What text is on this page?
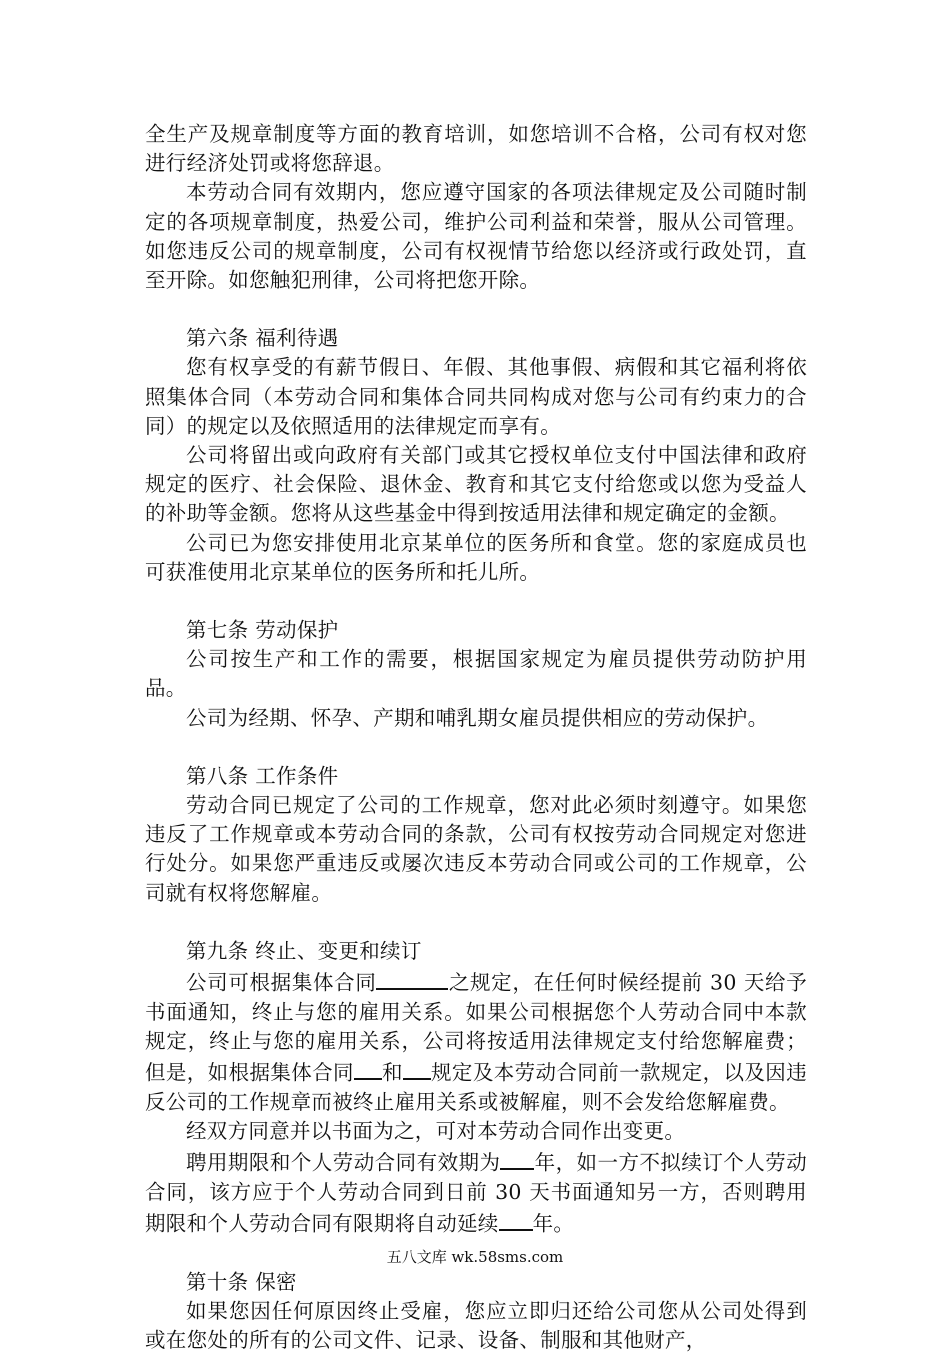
全生产及规章制度等方面的教育培训，如您培训不合格，公司有权对您进行经济处罚或将您辞退。

本劳动合同有效期内，您应遵守国家的各项法律规定及公司随时制定的各项规章制度，热爱公司，维护公司利益和荣誉，服从公司管理。如您违反公司的规章制度，公司有权视情节给您以经济或行政处罚，直至开除。如您触犯刑律，公司将把您开除。

第六条 福利待遇

您有权享受的有薪节假日、年假、其他事假、病假和其它福利将依照集体合同（本劳动合同和集体合同共同构成对您与公司有约束力的合同）的规定以及依照适用的法律规定而享有。

公司将留出或向政府有关部门或其它授权单位支付中国法律和政府规定的医疗、社会保险、退休金、教育和其它支付给您或以您为受益人的补助等金额。您将从这些基金中得到按适用法律和规定确定的金额。

公司已为您安排使用北京某单位的医务所和食堂。您的家庭成员也可获准使用北京某单位的医务所和托儿所。

第七条 劳动保护

公司按生产和工作的需要，根据国家规定为雇员提供劳动防护用品。

公司为经期、怀孕、产期和哺乳期女雇员提供相应的劳动保护。

第八条 工作条件

劳动合同已规定了公司的工作规章，您对此必须时刻遵守。如果您违反了工作规章或本劳动合同的条款，公司有权按劳动合同规定对您进行处分。如果您严重违反或屡次违反本劳动合同或公司的工作规章，公司就有权将您解雇。

第九条 终止、变更和续订

公司可根据集体合同	之规定，在任何时候经提前 30 天给予书面通知，终止与您的雇用关系。如果公司根据您个人劳动合同中本款规定，终止与您的雇用关系，公司将按适用法律规定支付给您解雇费；但是，如根据集体合同 和 规定及本劳动合同前一款规定，以及因违反公司的工作规章而被终止雇用关系或被解雇，则不会发给您解雇费。

经双方同意并以书面为之，可对本劳动合同作出变更。

聘用期限和个人劳动合同有效期为 年，如一方不拟续订个人劳动合同，该方应于个人劳动合同到日前 30 天书面通知另一方，否则聘用期限和个人劳动合同有限期将自动延续 年。

第十条 保密

如果您因任何原因终止受雇，您应立即归还给公司您从公司处得到或在您处的所有的公司文件、记录、设备、制服和其他财产，

五八文库 wk.58sms.com
